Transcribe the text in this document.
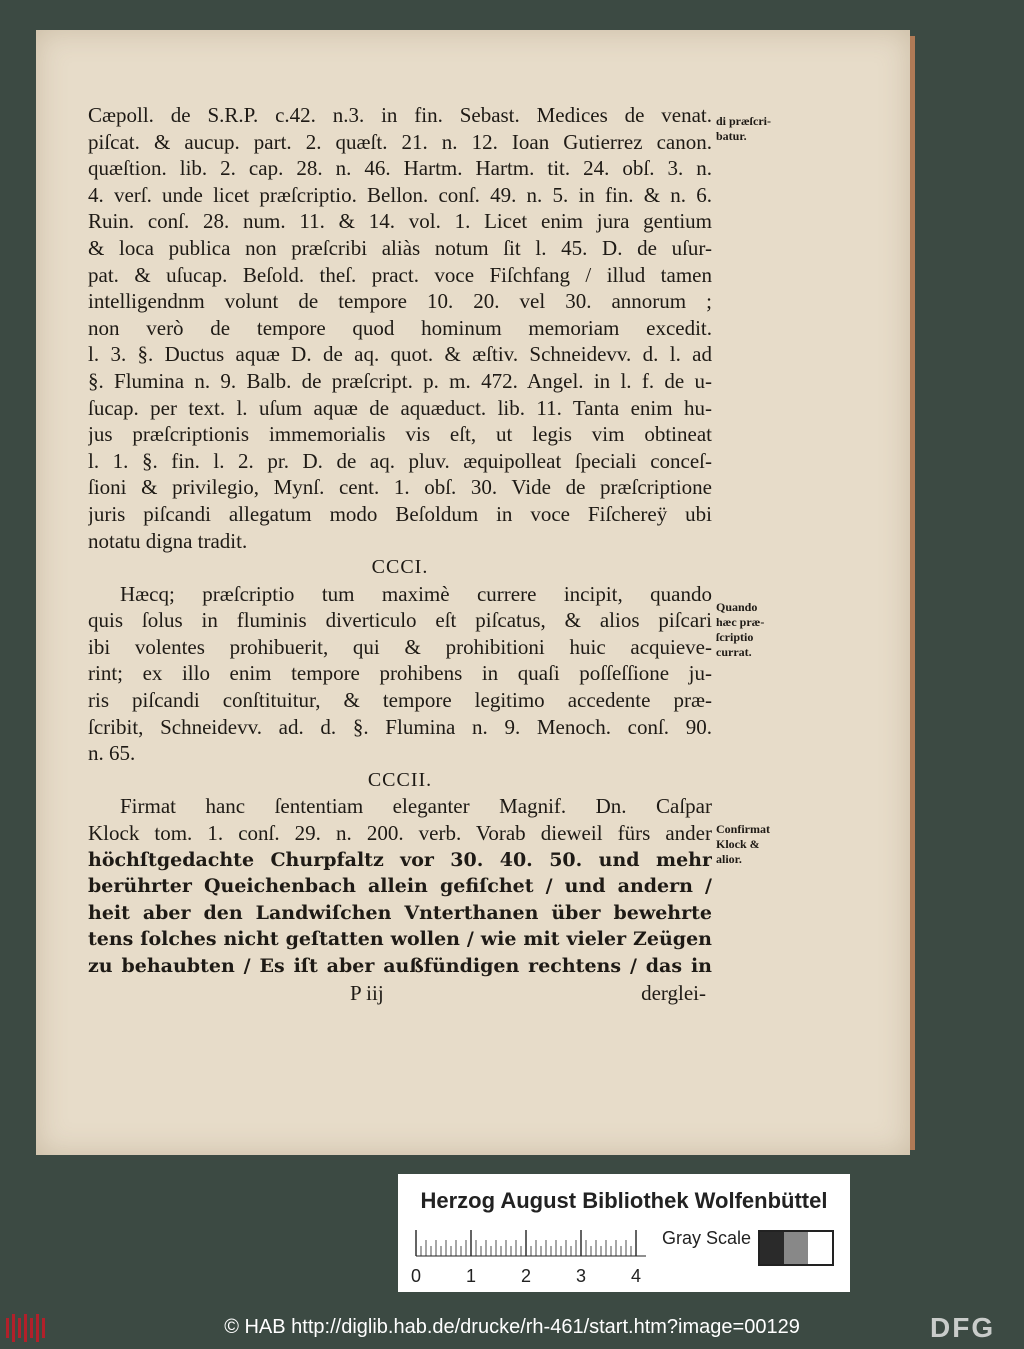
Cæpoll. de S.R.P. c.42. n.3. in fin. Sebast. Medices de venat.
piſcat. & aucup. part. 2. quæſt. 21. n. 12. Ioan Gutierrez canon.
quæſtion. lib. 2. cap. 28. n. 46. Hartm. Hartm. tit. 24. obſ. 3. n.
4. verſ. unde licet præſcriptio. Bellon. conſ. 49. n. 5. in fin. & n. 6.
Ruin. conſ. 28. num. 11. & 14. vol. 1. Licet enim jura gentium
& loca publica non præſcribi aliàs notum ſit l. 45. D. de uſur-
pat. & uſucap. Beſold. theſ. pract. voce Fiſchfang / illud tamen
intelligendnm volunt de tempore 10. 20. vel 30. annorum ;
non verò de tempore quod hominum memoriam excedit.
l. 3. §. Ductus aquæ D. de aq. quot. & æſtiv. Schneidevv. d. l. ad
§. Flumina n. 9. Balb. de præſcript. p. m. 472. Angel. in l. f. de u-
ſucap. per text. l. uſum aquæ de aquæduct. lib. 11. Tanta enim hu-
jus præſcriptionis immemorialis vis eſt, ut legis vim obtineat
l. 1. §. fin. l. 2. pr. D. de aq. pluv. æquipolleat ſpeciali conceſ-
ſioni & privilegio, Mynſ. cent. 1. obſ. 30. Vide de præſcriptione
juris piſcandi allegatum modo Beſoldum in voce Fiſchereÿ ubi
notatu digna tradit.
CCCI.
Hæcq; præſcriptio tum maximè currere incipit, quando
quis ſolus in fluminis diverticulo eſt piſcatus, & alios piſcari
ibi volentes prohibuerit, qui & prohibitioni huic acquieve-
rint; ex illo enim tempore prohibens in quaſi poſſeſſione ju-
ris piſcandi conſtituitur, & tempore legitimo accedente præ-
ſcribit, Schneidevv. ad. d. §. Flumina n. 9. Menoch. conſ. 90.
n. 65.
CCCII.
Firmat hanc ſententiam eleganter Magnif. Dn. Caſpar
Klock tom. 1. conſ. 29. n. 200. verb. Vorab dieweil fürs ander
höchſtgedachte Churpfaltz vor 30. 40. 50. und mehr
berührter Queichenbach allein gefiſchet / und andern /
heit aber den Landwiſchen Vnterthanen über bewehrte
tens ſolches nicht geſtatten wollen / wie mit vieler Zeügen
zu behaubten / Es iſt aber außfündigen rechtens / das in
P iij	derglei-
di præſcri-
batur.
Quando
hæc præ-
ſcriptio
currat.
Confirmat
Klock &
alior.
Herzog August Bibliothek Wolfenbüttel
0 1 2 3 4
Gray Scale
© HAB http://diglib.hab.de/drucke/rh-461/start.htm?image=00129	DFG
